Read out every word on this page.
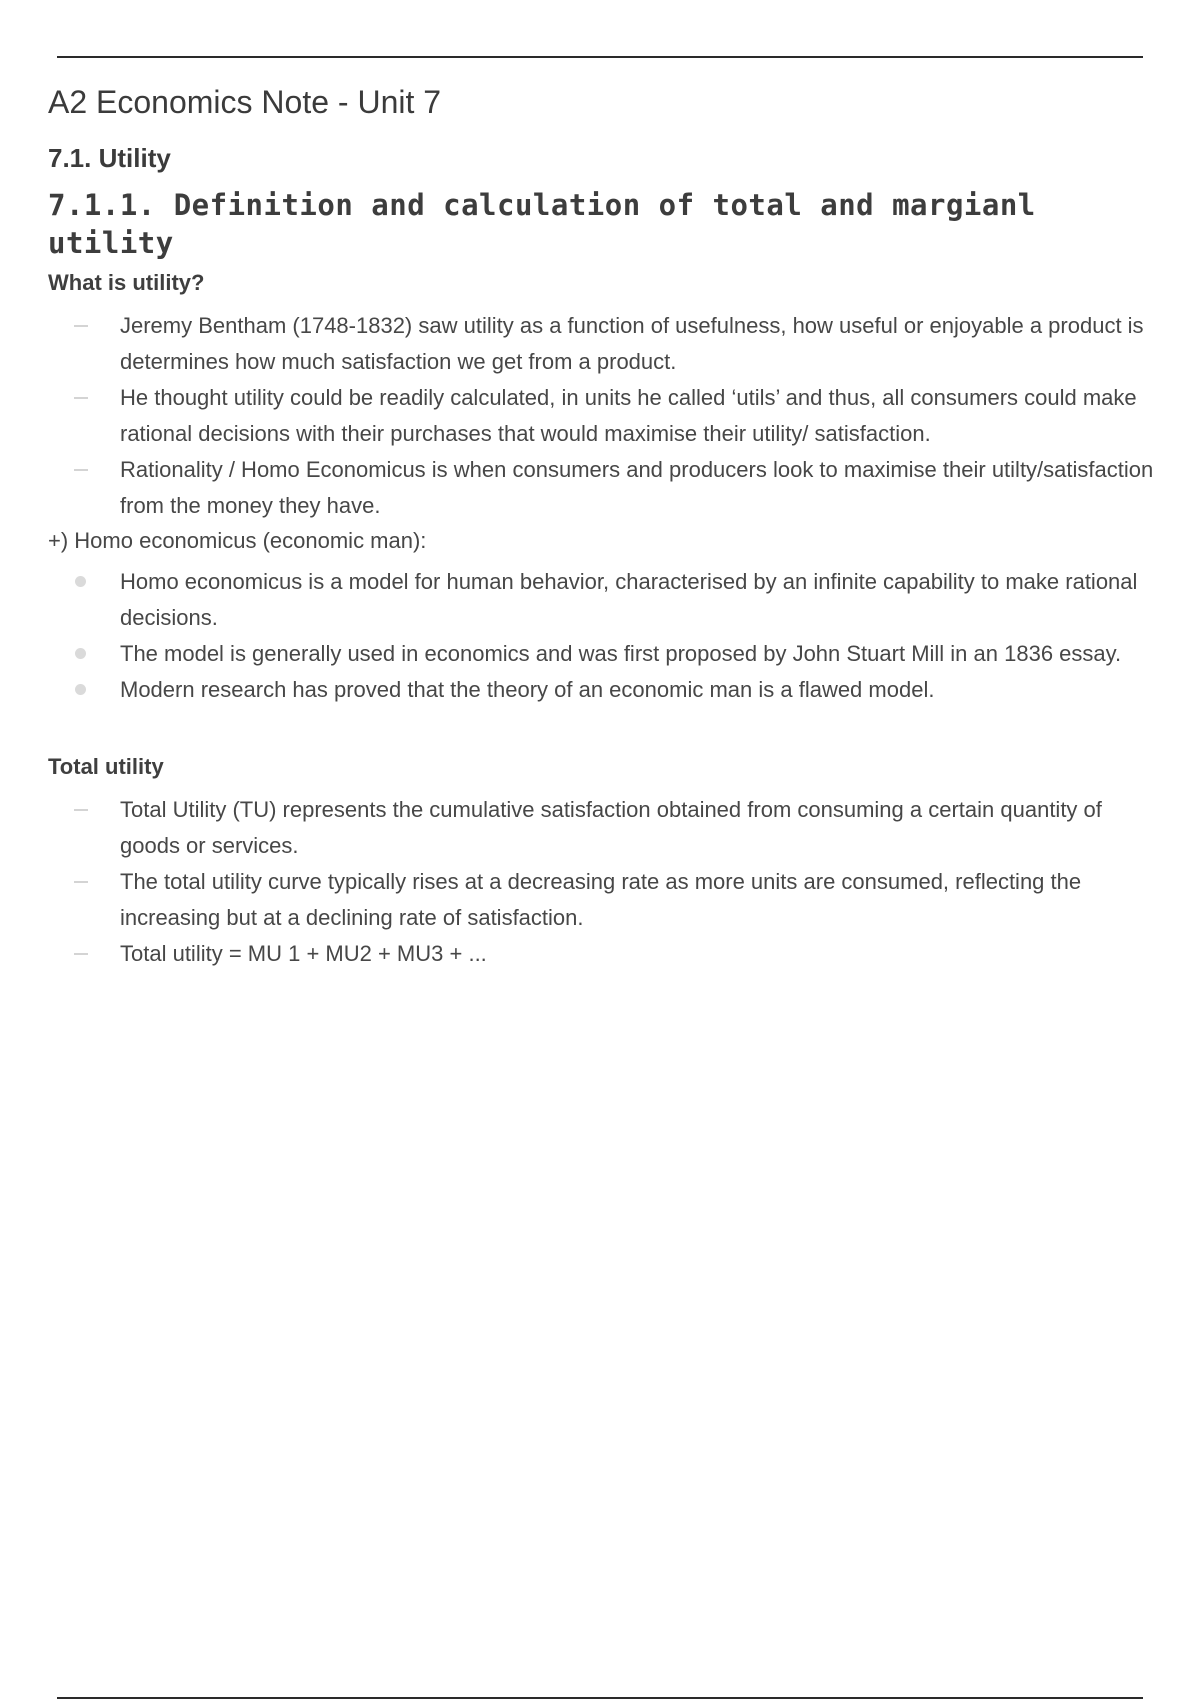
A2 Economics Note - Unit 7
7.1. Utility
7.1.1. Definition and calculation of total and margianl utility
What is utility?
Jeremy Bentham (1748-1832) saw utility as a function of usefulness, how useful or enjoyable a product is determines how much satisfaction we get from a product.
He thought utility could be readily calculated, in units he called ‘utils’ and thus, all consumers could make rational decisions with their purchases that would maximise their utility/ satisfaction.
Rationality / Homo Economicus is when consumers and producers look to maximise their utilty/satisfaction from the money they have.
+) Homo economicus (economic man):
Homo economicus is a model for human behavior, characterised by an infinite capability to make rational decisions.
The model is generally used in economics and was first proposed by John Stuart Mill in an 1836 essay.
Modern research has proved that the theory of an economic man is a flawed model.
Total utility
Total Utility (TU) represents the cumulative satisfaction obtained from consuming a certain quantity of goods or services.
The total utility curve typically rises at a decreasing rate as more units are consumed, reflecting the increasing but at a declining rate of satisfaction.
Total utility = MU 1 + MU2 + MU3 + ...
